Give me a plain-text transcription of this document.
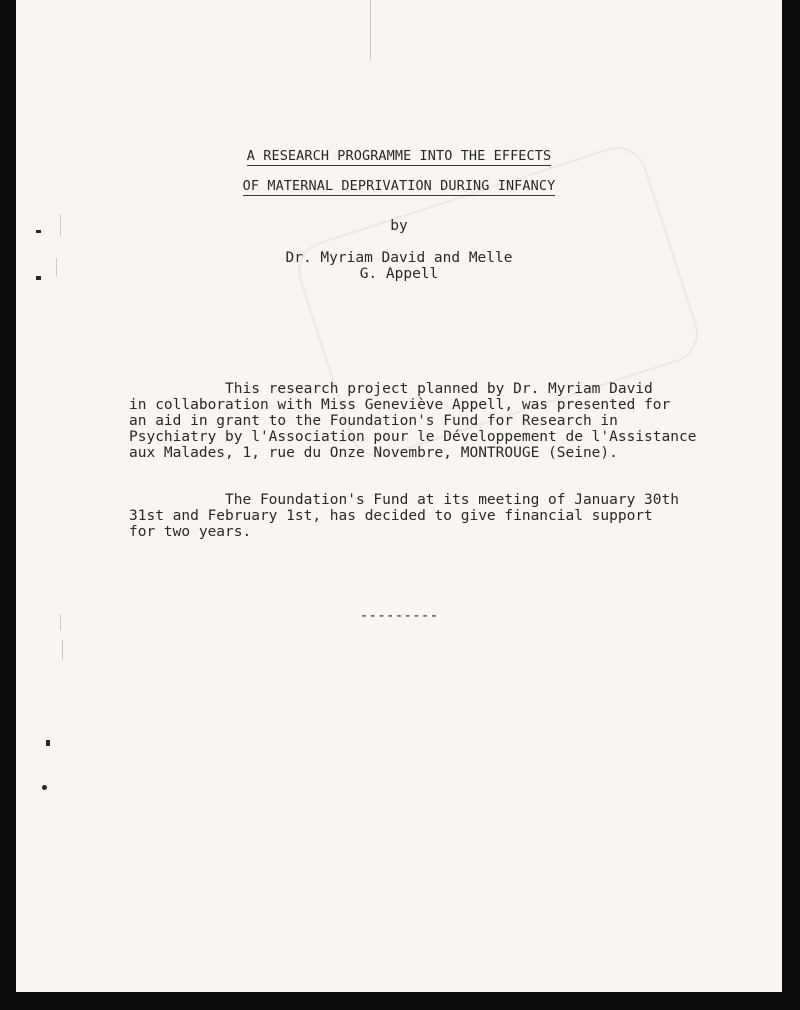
A RESEARCH PROGRAMME INTO THE EFFECTS
OF MATERNAL DEPRIVATION DURING INFANCY
by
Dr. Myriam David and Melle
G. Appell
This research project planned by Dr. Myriam David
in collaboration with Miss Geneviève Appell, was presented for
an aid in grant to the Foundation's Fund for Research in
Psychiatry by l'Association pour le Développement de l'Assistance
aux Malades, 1, rue du Onze Novembre, MONTROUGE (Seine).
The Foundation's Fund at its meeting of January 30th
31st and February 1st, has decided to give financial support
for two years.
---------
